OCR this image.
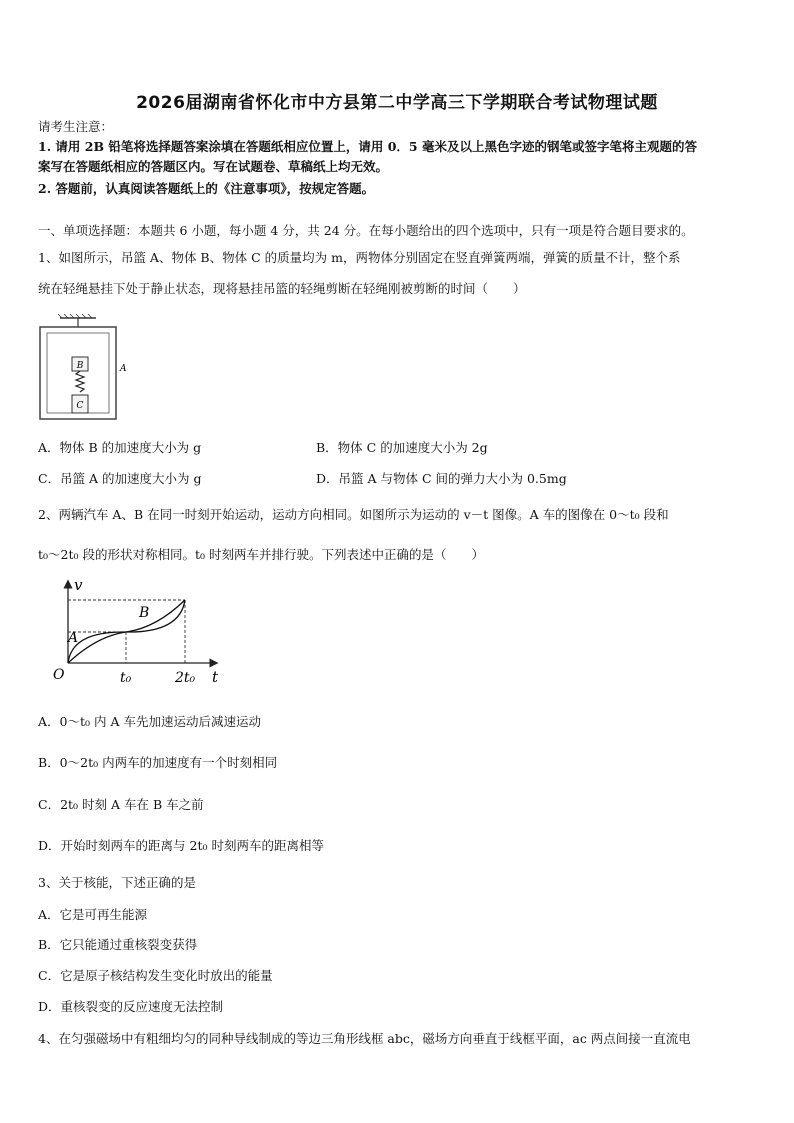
2026届湖南省怀化市中方县第二中学高三下学期联合考试物理试题
请考生注意：
1. 请用 2B 铅笔将选择题答案涂填在答题纸相应位置上，请用 0．5 毫米及以上黑色字迹的钢笔或签字笔将主观题的答
案写在答题纸相应的答题区内。写在试题卷、草稿纸上均无效。
2. 答题前，认真阅读答题纸上的《注意事项》，按规定答题。
一、单项选择题：本题共 6 小题，每小题 4 分，共 24 分。在每小题给出的四个选项中，只有一项是符合题目要求的。
1、如图所示，吊篮 A、物体 B、物体 C 的质量均为 m，两物体分别固定在竖直弹簧两端，弹簧的质量不计，整个系
统在轻绳悬挂下处于静止状态，现将悬挂吊篮的轻绳剪断在轻绳刚被剪断的时间（　　）
B
C
A
A．物体 B 的加速度大小为 g	B．物体 C 的加速度大小为 2g
C．吊篮 A 的加速度大小为 g	D．吊篮 A 与物体 C 间的弹力大小为 0.5mg
2、两辆汽车 A、B 在同一时刻开始运动，运动方向相同。如图所示为运动的 v－t 图像。A 车的图像在 0～t₀ 段和
t₀～2t₀ 段的形状对称相同。t₀ 时刻两车并排行驶。下列表述中正确的是（　　）
v
t
O	t₀	2t₀
A
B
A．0～t₀ 内 A 车先加速运动后减速运动
B．0～2t₀ 内两车的加速度有一个时刻相同
C．2t₀ 时刻 A 车在 B 车之前
D．开始时刻两车的距离与 2t₀ 时刻两车的距离相等
3、关于核能，下述正确的是
A．它是可再生能源
B．它只能通过重核裂变获得
C．它是原子核结构发生变化时放出的能量
D．重核裂变的反应速度无法控制
4、在匀强磁场中有粗细均匀的同种导线制成的等边三角形线框 abc，磁场方向垂直于线框平面，ac 两点间接一直流电
